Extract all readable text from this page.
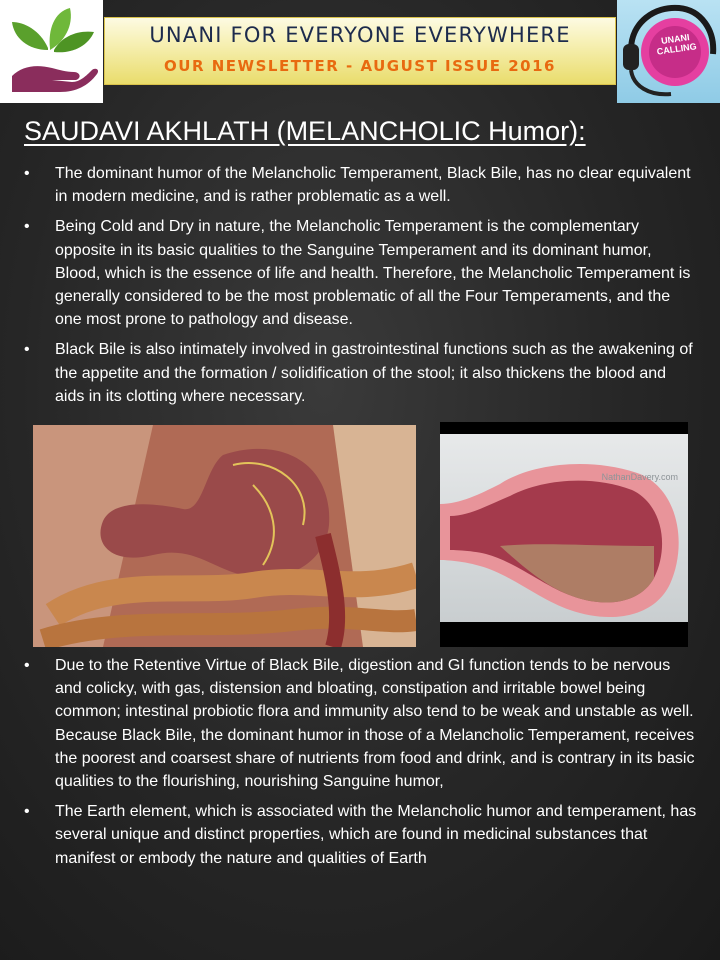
UNANI FOR EVERYONE EVERYWHERE
OUR NEWSLETTER - AUGUST ISSUE 2016
UNANI CALLING
SAUDAVI AKHLATH (MELANCHOLIC Humor):
• The dominant humor of the Melancholic Temperament, Black Bile, has no clear equivalent in modern medicine, and is rather problematic as a well.
• Being Cold and Dry in nature, the Melancholic Temperament is the complementary opposite in its basic qualities to the Sanguine Temperament and its dominant humor, Blood, which is the essence of life and health. Therefore, the Melancholic Temperament is generally considered to be the most problematic of all the Four Temperaments, and the one most prone to pathology and disease.
• Black Bile is also intimately involved in gastrointestinal functions such as the awakening of the appetite and the formation / solidification of the stool; it also thickens the blood and aids in its clotting where necessary.
NathanDavery.com
• Due to the Retentive Virtue of Black Bile, digestion and GI function tends to be nervous and colicky, with gas, distension and bloating, constipation and irritable bowel being common; intestinal probiotic flora and immunity also tend to be weak and unstable as well. Because Black Bile, the dominant humor in those of a Melancholic Temperament, receives the poorest and coarsest share of nutrients from food and drink, and is contrary in its basic qualities to the flourishing, nourishing Sanguine humor,
• The Earth element, which is associated with the Melancholic humor and temperament, has several unique and distinct properties, which are found in medicinal substances that manifest or embody the nature and qualities of Earth
